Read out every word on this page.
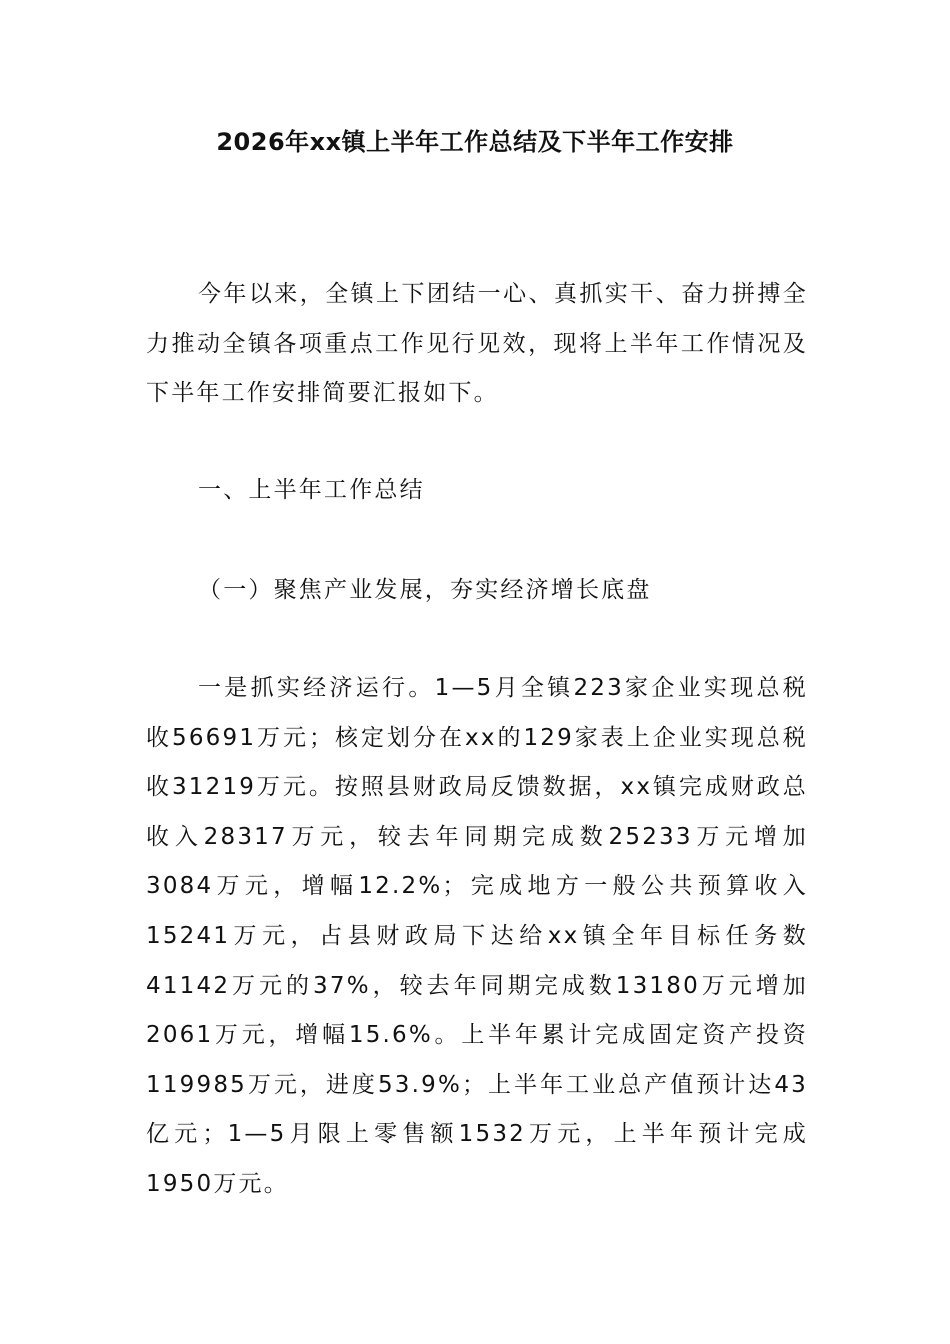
2026年xx镇上半年工作总结及下半年工作安排

今年以来，全镇上下团结一心、真抓实干、奋力拼搏全力推动全镇各项重点工作见行见效，现将上半年工作情况及下半年工作安排简要汇报如下。

一、上半年工作总结

（一）聚焦产业发展，夯实经济增长底盘

一是抓实经济运行。1—5月全镇223家企业实现总税收56691万元；核定划分在xx的129家表上企业实现总税收31219万元。按照县财政局反馈数据，xx镇完成财政总收入28317万元，较去年同期完成数25233万元增加3084万元，增幅12.2%；完成地方一般公共预算收入15241万元，占县财政局下达给xx镇全年目标任务数41142万元的37%，较去年同期完成数13180万元增加2061万元，增幅15.6%。上半年累计完成固定资产投资119985万元，进度53.9%；上半年工业总产值预计达43亿元；1—5月限上零售额1532万元，上半年预计完成1950万元。
